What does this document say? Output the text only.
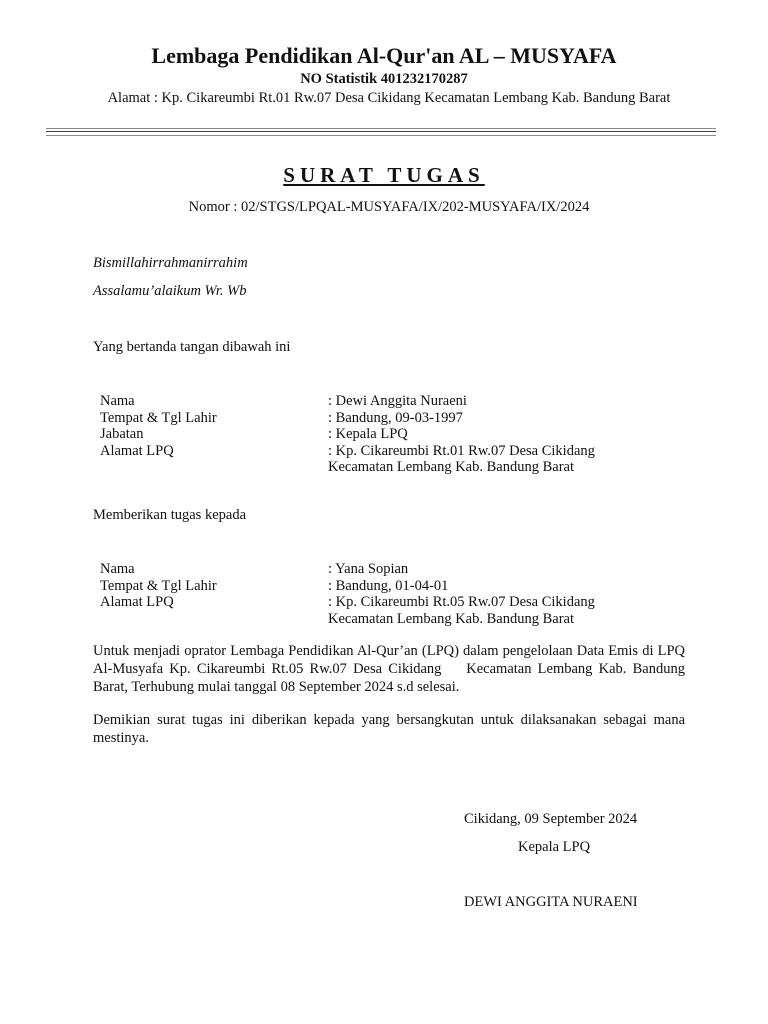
Lembaga Pendidikan Al-Qur'an AL – MUSYAFA
NO Statistik 401232170287
Alamat : Kp. Cikareumbi Rt.01 Rw.07 Desa Cikidang Kecamatan Lembang Kab. Bandung Barat
SURAT TUGAS
Nomor : 02/STGS/LPQAL-MUSYAFA/IX/202-MUSYAFA/IX/2024
Bismillahirrahmanirrahim
Assalamu’alaikum Wr. Wb
Yang bertanda tangan dibawah ini
Nama	: Dewi Anggita Nuraeni
Tempat & Tgl Lahir	: Bandung, 09-03-1997
Jabatan	: Kepala LPQ
Alamat LPQ	: Kp. Cikareumbi Rt.01 Rw.07 Desa Cikidang
Kecamatan Lembang Kab. Bandung Barat
Memberikan tugas kepada
Nama	: Yana Sopian
Tempat & Tgl Lahir	: Bandung, 01-04-01
Alamat LPQ	: Kp. Cikareumbi Rt.05 Rw.07 Desa Cikidang
Kecamatan Lembang Kab. Bandung Barat
Untuk menjadi oprator Lembaga Pendidikan Al-Qur’an (LPQ) dalam pengelolaan Data Emis di LPQ Al-Musyafa Kp. Cikareumbi Rt.05 Rw.07 Desa Cikidang    Kecamatan Lembang Kab. Bandung Barat, Terhubung mulai tanggal 08 September 2024 s.d selesai.
Demikian surat tugas ini diberikan kepada yang bersangkutan untuk dilaksanakan sebagai mana mestinya.
Cikidang, 09 September 2024
Kepala LPQ
DEWI ANGGITA NURAENI
